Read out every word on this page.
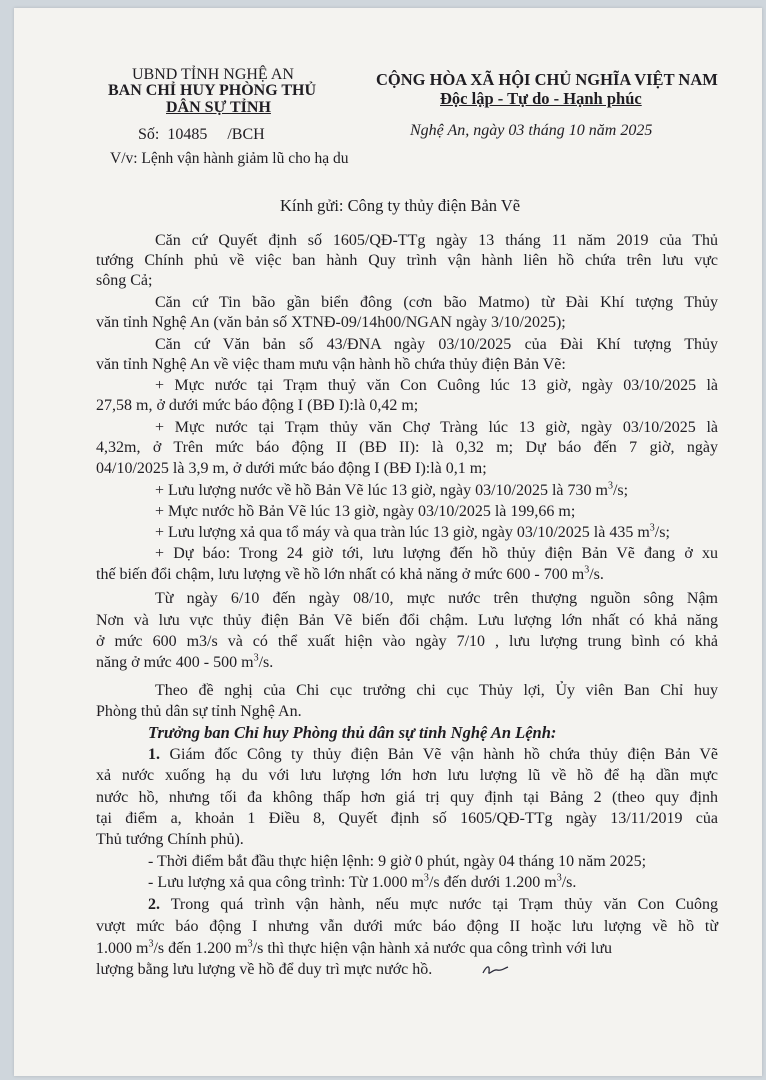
UBND TỈNH NGHỆ AN
BAN CHỈ HUY PHÒNG THỦ
DÂN SỰ TỈNH
Số: 10485 /BCH
V/v: Lệnh vận hành giảm lũ cho hạ du
CỘNG HÒA XÃ HỘI CHỦ NGHĨA VIỆT NAM
Độc lập - Tự do - Hạnh phúc
Nghệ An, ngày 03 tháng 10 năm 2025
Kính gửi: Công ty thủy điện Bản Vẽ
Căn cứ Quyết định số 1605/QĐ-TTg ngày 13 tháng 11 năm 2019 của Thủ
tướng Chính phủ về việc ban hành Quy trình vận hành liên hồ chứa trên lưu vực
sông Cả;
Căn cứ Tin bão gần biển đông (cơn bão Matmo) từ Đài Khí tượng Thủy
văn tỉnh Nghệ An (văn bản số XTNĐ-09/14h00/NGAN ngày 3/10/2025);
Căn cứ Văn bản số 43/ĐNA ngày 03/10/2025 của Đài Khí tượng Thủy
văn tỉnh Nghệ An về việc tham mưu vận hành hồ chứa thủy điện Bản Vẽ:
+ Mực nước tại Trạm thuỷ văn Con Cuông lúc 13 giờ, ngày 03/10/2025 là
27,58 m, ở dưới mức báo động I (BĐ I):là 0,42 m;
+ Mực nước tại Trạm thủy văn Chợ Tràng lúc 13 giờ, ngày 03/10/2025 là
4,32m, ở Trên mức báo động II (BĐ II): là 0,32 m; Dự báo đến 7 giờ, ngày
04/10/2025 là 3,9 m, ở dưới mức báo động I (BĐ I):là 0,1 m;
+ Lưu lượng nước về hồ Bản Vẽ lúc 13 giờ, ngày 03/10/2025 là 730 $m^3/s$;
+ Mực nước hồ Bản Vẽ lúc 13 giờ, ngày 03/10/2025 là 199,66 m;
+ Lưu lượng xả qua tổ máy và qua tràn lúc 13 giờ, ngày 03/10/2025 là 435 $m^3/s$;
+ Dự báo: Trong 24 giờ tới, lưu lượng đến hồ thủy điện Bản Vẽ đang ở xu
thế biến đổi chậm, lưu lượng về hồ lớn nhất có khả năng ở mức 600 - 700 $m^3/s$.
Từ ngày 6/10 đến ngày 08/10, mực nước trên thượng nguồn sông Nậm
Nơn và lưu vực thủy điện Bản Vẽ biến đổi chậm. Lưu lượng lớn nhất có khả năng
ở mức 600 m3/s và có thể xuất hiện vào ngày 7/10 , lưu lượng trung bình có khả
năng ở mức 400 - 500 $m^3/s$.
Theo đề nghị của Chi cục trưởng chi cục Thủy lợi, Ủy viên Ban Chỉ huy
Phòng thủ dân sự tỉnh Nghệ An.
Trưởng ban Chỉ huy Phòng thủ dân sự tỉnh Nghệ An Lệnh:
1. Giám đốc Công ty thủy điện Bản Vẽ vận hành hồ chứa thủy điện Bản Vẽ
xả nước xuống hạ du với lưu lượng lớn hơn lưu lượng lũ về hồ để hạ dần mực
nước hồ, nhưng tối đa không thấp hơn giá trị quy định tại Bảng 2 (theo quy định
tại điểm a, khoản 1 Điều 8, Quyết định số 1605/QĐ-TTg ngày 13/11/2019 của
Thủ tướng Chính phủ).
- Thời điểm bắt đầu thực hiện lệnh: 9 giờ 0 phút, ngày 04 tháng 10 năm 2025;
- Lưu lượng xả qua công trình: Từ 1.000 $m^3/s$ đến dưới 1.200 $m^3/s$.
2. Trong quá trình vận hành, nếu mực nước tại Trạm thủy văn Con Cuông
vượt mức báo động I nhưng vẫn dưới mức báo động II hoặc lưu lượng về hồ từ
1.000 $m^3/s$ đến 1.200 $m^3/s$ thì thực hiện vận hành xả nước qua công trình với lưu
lượng bằng lưu lượng về hồ để duy trì mực nước hồ.
